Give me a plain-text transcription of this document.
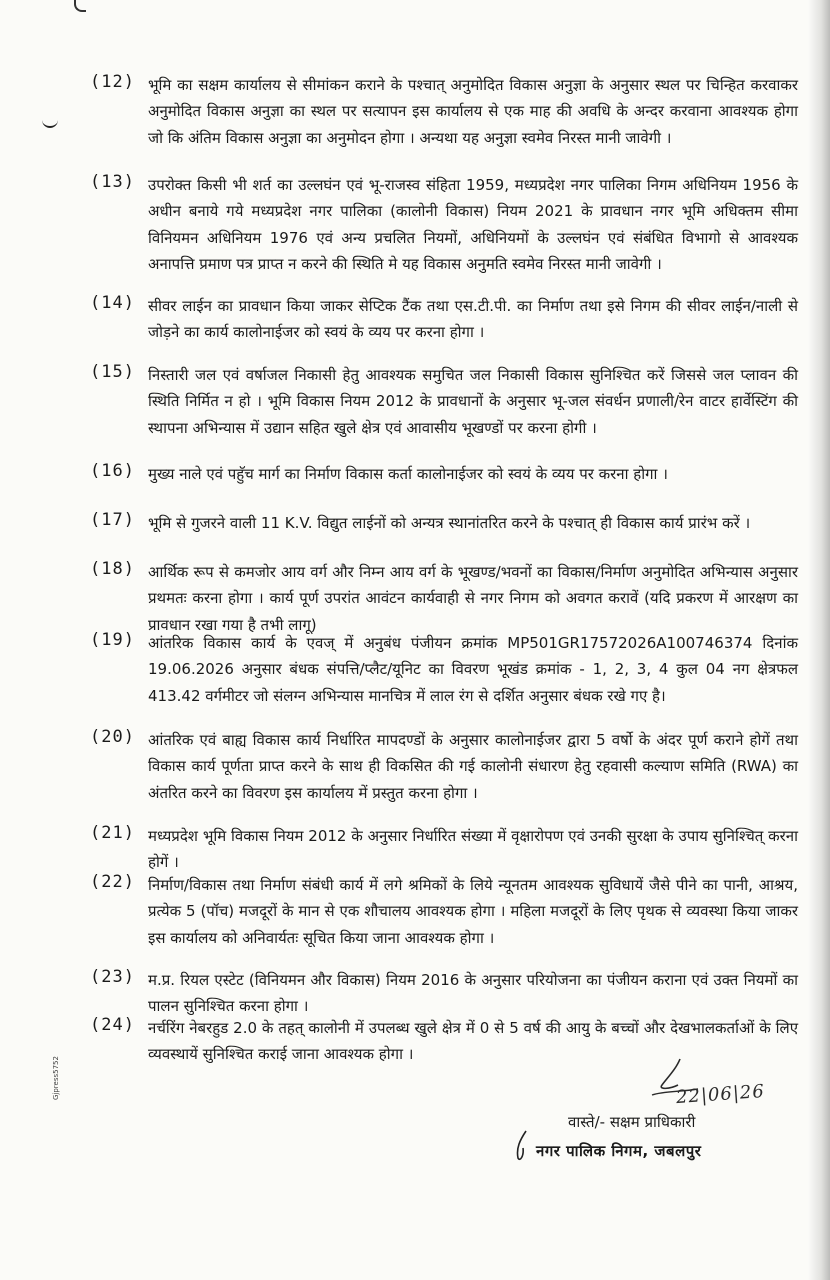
(12) भूमि का सक्षम कार्यालय से सीमांकन कराने के पश्चात् अनुमोदित विकास अनुज्ञा के अनुसार स्थल पर चिन्हित करवाकर अनुमोदित विकास अनुज्ञा का स्थल पर सत्यापन इस कार्यालय से एक माह की अवधि के अन्दर करवाना आवश्यक होगा जो कि अंतिम विकास अनुज्ञा का अनुमोदन होगा । अन्यथा यह अनुज्ञा स्वमेव निरस्त मानी जावेगी ।
(13) उपरोक्त किसी भी शर्त का उल्लघंन एवं भू-राजस्व संहिता 1959, मध्यप्रदेश नगर पालिका निगम अधिनियम 1956 के अधीन बनाये गये मध्यप्रदेश नगर पालिका (कालोनी विकास) नियम 2021 के प्रावधान नगर भूमि अधिक्तम सीमा विनियमन अधिनियम 1976 एवं अन्य प्रचलित नियमों, अधिनियमों के उल्लघंन एवं संबंधित विभागो से आवश्यक अनापत्ति प्रमाण पत्र प्राप्त न करने की स्थिति मे यह विकास अनुमति स्वमेव निरस्त मानी जावेगी ।
(14) सीवर लाईन का प्रावधान किया जाकर सेप्टिक टैंक तथा एस.टी.पी. का निर्माण तथा इसे निगम की सीवर लाईन/नाली से जोड़ने का कार्य कालोनाईजर को स्वयं के व्यय पर करना होगा ।
(15) निस्तारी जल एवं वर्षाजल निकासी हेतु आवश्यक समुचित जल निकासी विकास सुनिश्चित करें जिससे जल प्लावन की स्थिति निर्मित न हो । भूमि विकास नियम 2012 के प्रावधानों के अनुसार भू-जल संवर्धन प्रणाली/रेन वाटर हार्वेस्टिंग की स्थापना अभिन्यास में उद्यान सहित खुले क्षेत्र एवं आवासीय भूखण्डों पर करना होगी ।
(16) मुख्य नाले एवं पहुॅच मार्ग का निर्माण विकास कर्ता कालोनाईजर को स्वयं के व्यय पर करना होगा ।
(17) भूमि से गुजरने वाली 11 K.V. विद्युत लाईनों को अन्यत्र स्थानांतरित करने के पश्चात् ही विकास कार्य प्रारंभ करें ।
(18) आर्थिक रूप से कमजोर आय वर्ग और निम्न आय वर्ग के भूखण्ड/भवनों का विकास/निर्माण अनुमोदित अभिन्यास अनुसार प्रथमतः करना होगा । कार्य पूर्ण उपरांत आवंटन कार्यवाही से नगर निगम को अवगत करावें (यदि प्रकरण में आरक्षण का प्रावधान रखा गया है तभी लागू)
(19) आंतरिक विकास कार्य के एवज् में अनुबंध पंजीयन क्रमांक MP501GR17572026A100746374 दिनांक 19.06.2026 अनुसार बंधक संपत्ति/प्लैट/यूनिट का विवरण भूखंड क्रमांक - 1, 2, 3, 4 कुल 04 नग क्षेत्रफल 413.42 वर्गमीटर जो संलग्न अभिन्यास मानचित्र में लाल रंग से दर्शित अनुसार बंधक रखे गए है।
(20) आंतरिक एवं बाह्य विकास कार्य निर्धारित मापदण्डों के अनुसार कालोनाईजर द्वारा 5 वर्षो के अंदर पूर्ण कराने होगें तथा विकास कार्य पूर्णता प्राप्त करने के साथ ही विकसित की गई कालोनी संधारण हेतु रहवासी कल्याण समिति (RWA) का अंतरित करने का विवरण इस कार्यालय में प्रस्तुत करना होगा ।
(21) मध्यप्रदेश भूमि विकास नियम 2012 के अनुसार निर्धारित संख्या में वृक्षारोपण एवं उनकी सुरक्षा के उपाय सुनिश्चित् करना होगें ।
(22) निर्माण/विकास तथा निर्माण संबंधी कार्य में लगे श्रमिकों के लिये न्यूनतम आवश्यक सुविधायें जैसे पीने का पानी, आश्रय, प्रत्येक 5 (पॉच) मजदूरों के मान से एक शौचालय आवश्यक होगा । महिला मजदूरों के लिए पृथक से व्यवस्था किया जाकर इस कार्यालय को अनिवार्यतः सूचित किया जाना आवश्यक होगा ।
(23) म.प्र. रियल एस्टेट (विनियमन और विकास) नियम 2016 के अनुसार परियोजना का पंजीयन कराना एवं उक्त नियमों का पालन सुनिश्चित करना होगा ।
(24) नर्चरिंग नेबरहुड 2.0 के तहत् कालोनी में उपलब्ध खुले क्षेत्र में 0 से 5 वर्ष की आयु के बच्चों और देखभालकर्ताओं के लिए व्यवस्थायें सुनिश्चित कराई जाना आवश्यक होगा ।
22|06|26
वास्ते/- सक्षम प्राधिकारी
नगर पालिक निगम, जबलपुर
Gjpress5752
